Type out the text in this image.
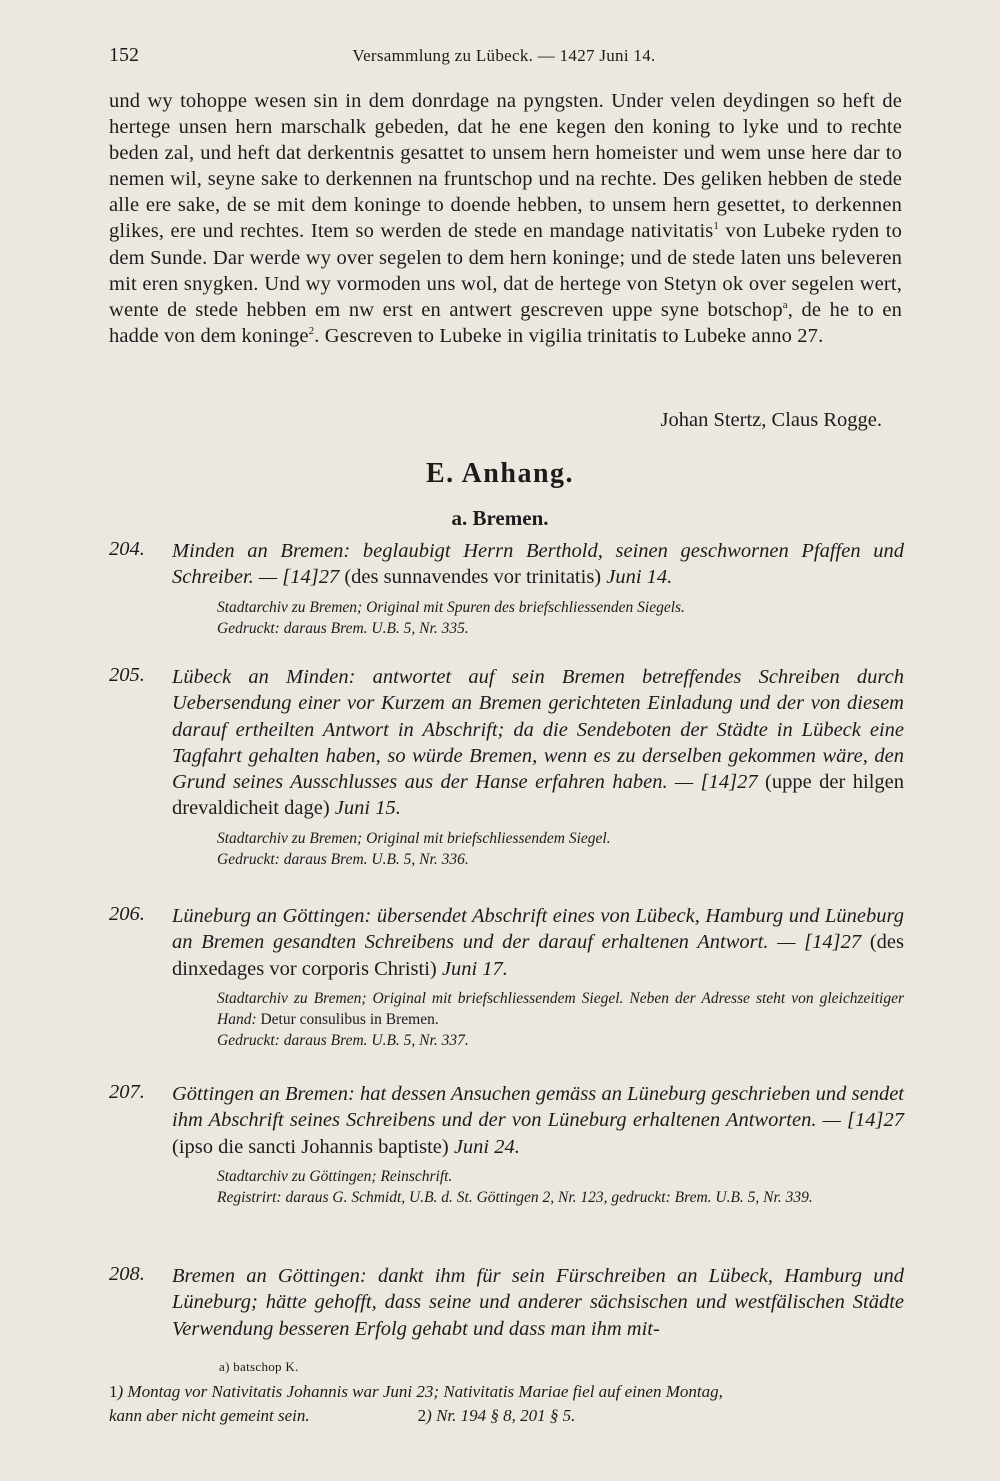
152	Versammlung zu Lübeck. — 1427 Juni 14.

und wy tohoppe wesen sin in dem donrdage na pyngsten. Under velen deydingen so heft de hertege unsen hern marschalk gebeden, dat he ene kegen den koning to lyke und to rechte beden zal, und heft dat derkentnis gesattet to unsem hern homeister und wem unse here dar to nemen wil, seyne sake to derkennen na fruntschop und na rechte. Des geliken hebben de stede alle ere sake, de se mit dem koninge to doende hebben, to unsem hern gesettet, to derkennen glikes, ere und rechtes. Item so werden de stede en mandage nativitatis$^1$ von Lubeke ryden to dem Sunde. Dar werde wy over segelen to dem hern koninge; und de stede laten uns beleveren mit eren snygken. Und wy vormoden uns wol, dat de hertege von Stetyn ok over segelen wert, wente de stede hebben em nw erst en antwert gescreven uppe syne botschop$^a$, de he to en hadde von dem koninge$^2$. Gescreven to Lubeke in vigilia trinitatis to Lubeke anno 27.

Johan Stertz, Claus Rogge.
E. Anhang.
a. Bremen.
204. Minden an Bremen: beglaubigt Herrn Berthold, seinen geschwornen Pfaffen und Schreiber. — [14]27 (des sunnavendes vor trinitatis) Juni 14.

Stadtarchiv zu Bremen; Original mit Spuren des briefschliessenden Siegels.

Gedruckt: daraus Brem. U.B. 5, Nr. 335.

205. Lübeck an Minden: antwortet auf sein Bremen betreffendes Schreiben durch Uebersendung einer vor Kurzem an Bremen gerichteten Einladung und der von diesem darauf ertheilten Antwort in Abschrift; da die Sendeboten der Städte in Lübeck eine Tagfahrt gehalten haben, so würde Bremen, wenn es zu derselben gekommen wäre, den Grund seines Ausschlusses aus der Hanse erfahren haben. — [14]27 (uppe der hilgen drevaldicheit dage) Juni 15.

Stadtarchiv zu Bremen; Original mit briefschliessendem Siegel.

Gedruckt: daraus Brem. U.B. 5, Nr. 336.

206. Lüneburg an Göttingen: übersendet Abschrift eines von Lübeck, Hamburg und Lüneburg an Bremen gesandten Schreibens und der darauf erhaltenen Antwort. — [14]27 (des dinxedages vor corporis Christi) Juni 17.

Stadtarchiv zu Bremen; Original mit briefschliessendem Siegel. Neben der Adresse steht von gleichzeitiger Hand: Detur consulibus in Bremen.

Gedruckt: daraus Brem. U.B. 5, Nr. 337.

207. Göttingen an Bremen: hat dessen Ansuchen gemäss an Lüneburg geschrieben und sendet ihm Abschrift seines Schreibens und der von Lüneburg erhaltenen Antworten. — [14]27 (ipso die sancti Johannis baptiste) Juni 24.

Stadtarchiv zu Göttingen; Reinschrift.

Registrirt: daraus G. Schmidt, U.B. d. St. Göttingen 2, Nr. 123, gedruckt: Brem. U.B. 5, Nr. 339.

208. Bremen an Göttingen: dankt ihm für sein Fürschreiben an Lübeck, Hamburg und Lüneburg; hätte gehofft, dass seine und anderer sächsischen und westfälischen Städte Verwendung besseren Erfolg gehabt und dass man ihm mit-
a) batschop K.
1) Montag vor Nativitatis Johannis war Juni 23; Nativitatis Mariae fiel auf einen Montag,
kann aber nicht gemeint sein.	2 ) Nr. 194 § 8, 201 § 5.
